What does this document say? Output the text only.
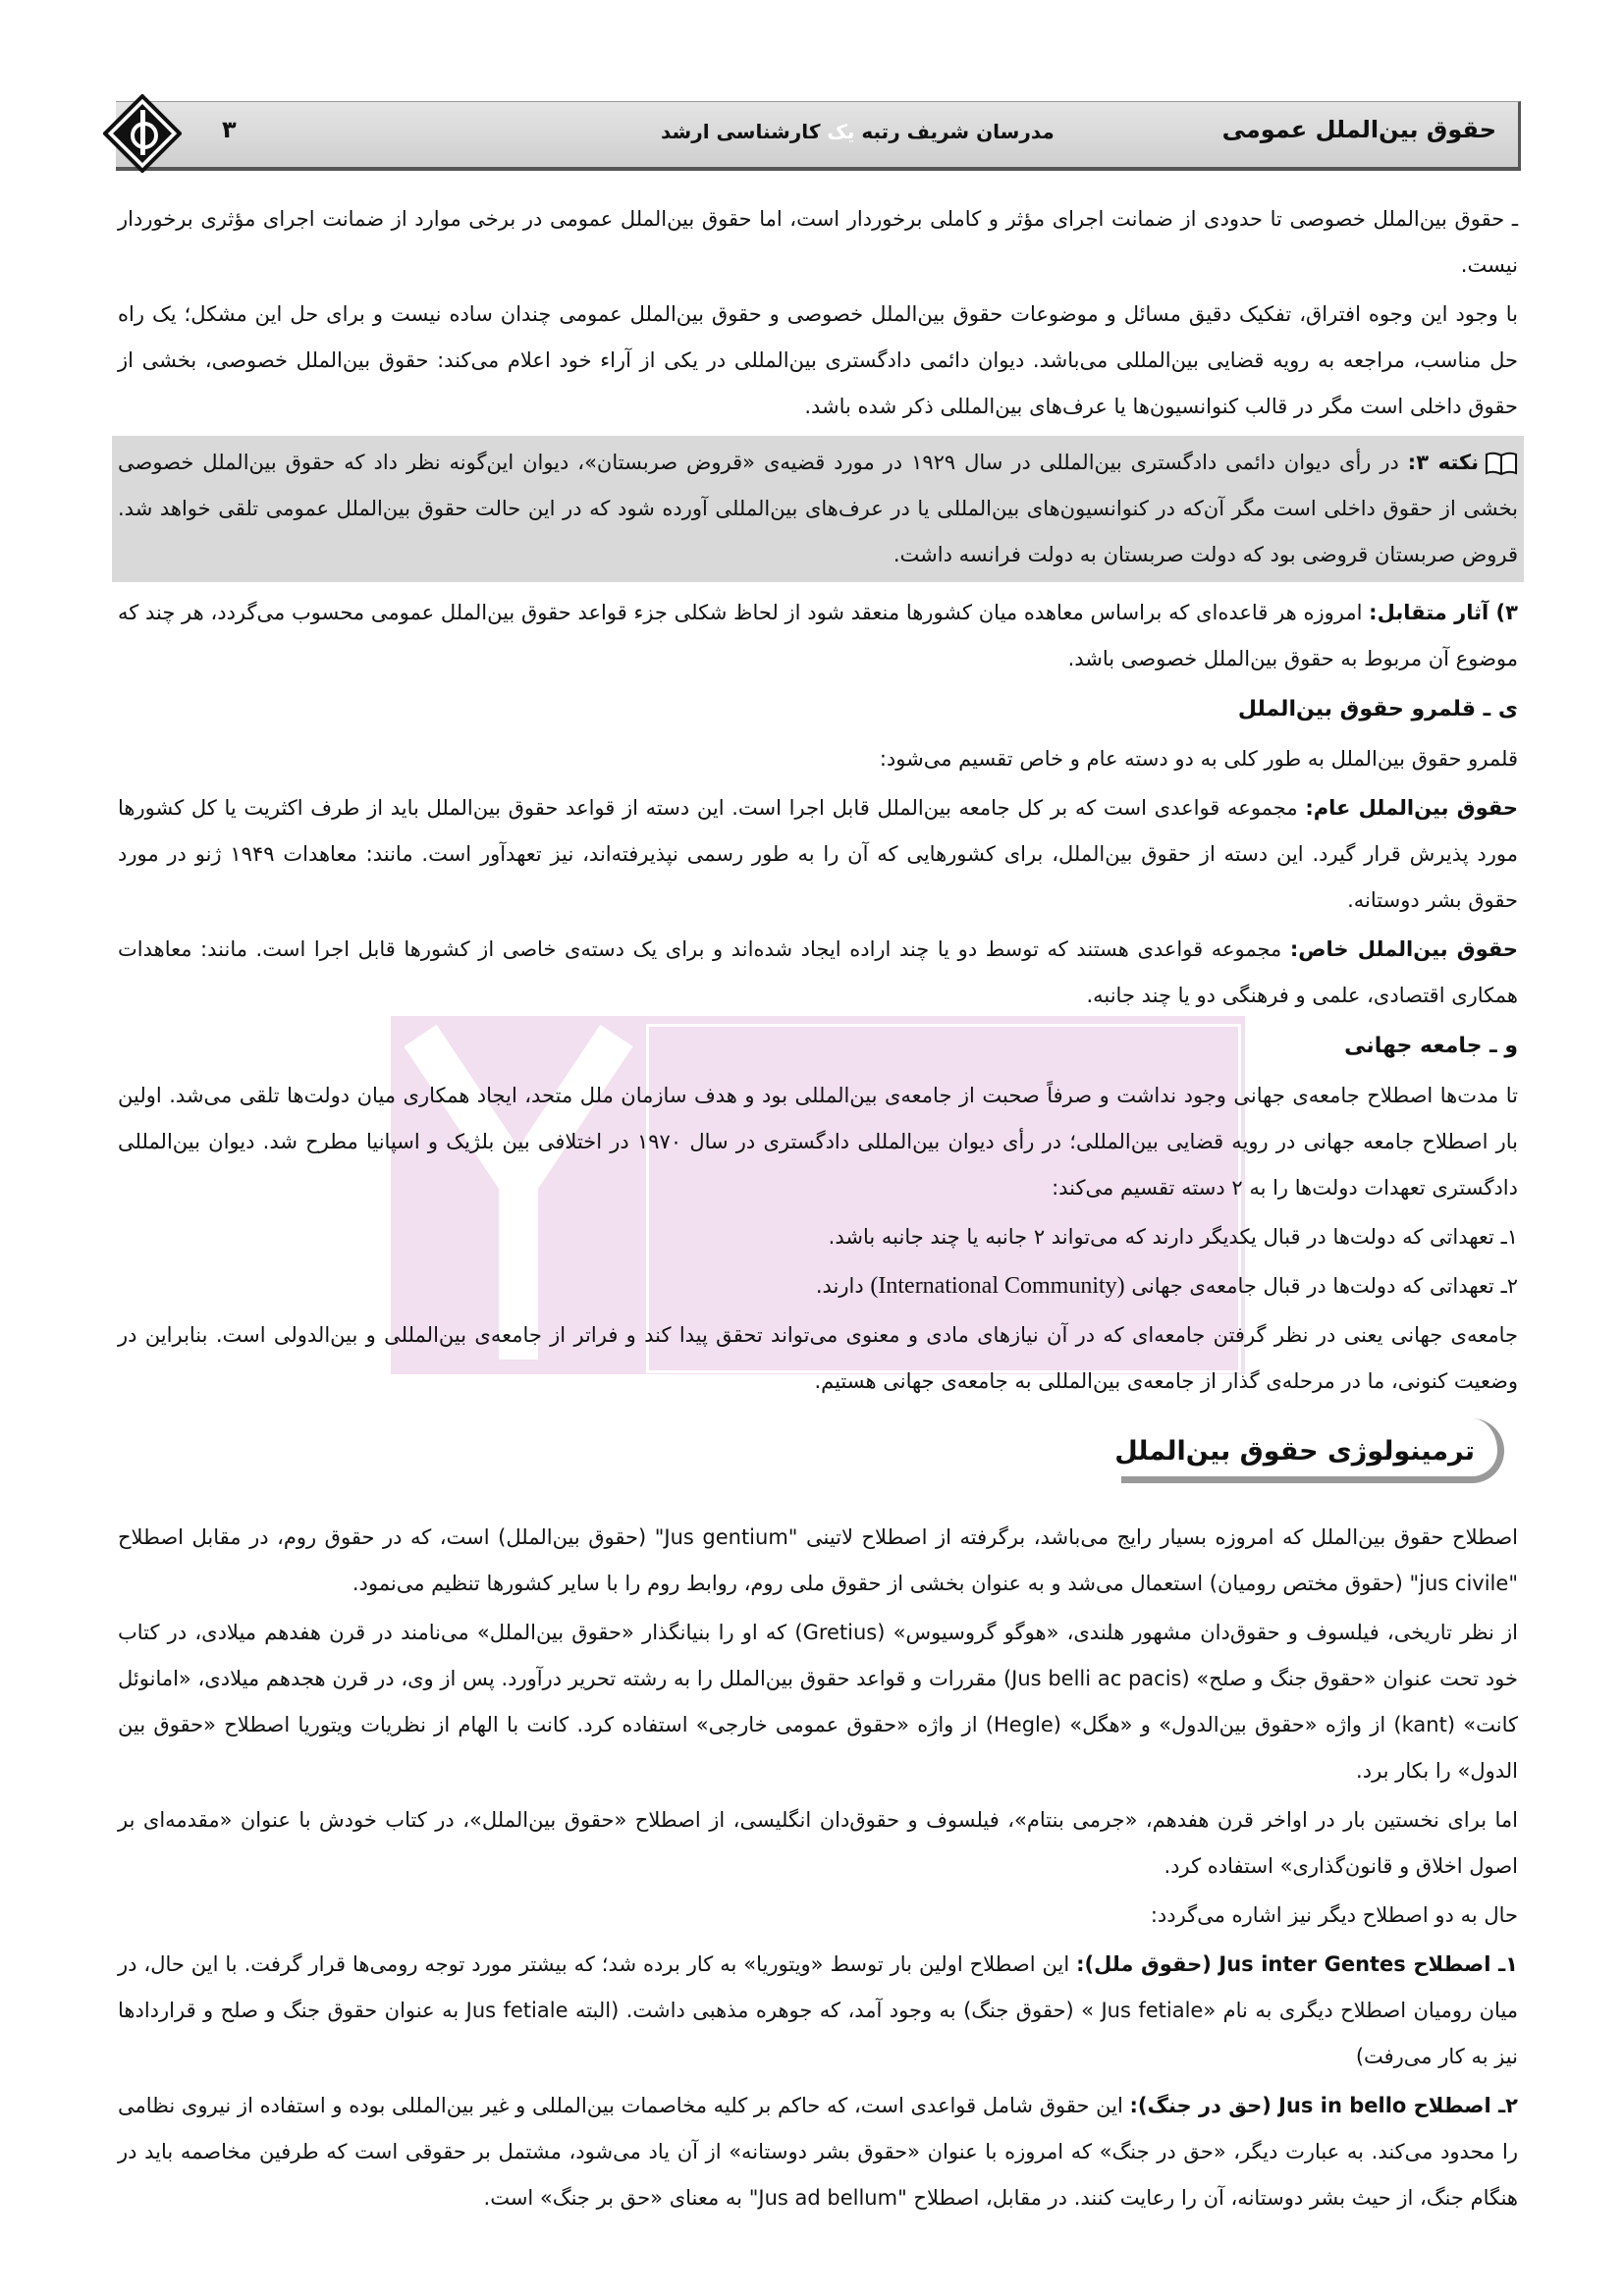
حقوق بین‌الملل عمومی
مدرسان شریف رتبه یک کارشناسی ارشد
۳

ـ حقوق بین‌الملل خصوصی تا حدودی از ضمانت اجرای مؤثر و کاملی برخوردار است، اما حقوق بین‌الملل عمومی در برخی موارد از ضمانت اجرای مؤثری برخوردار نیست.

با وجود این وجوه افتراق، تفکیک دقیق مسائل و موضوعات حقوق بین‌الملل خصوصی و حقوق بین‌الملل عمومی چندان ساده نیست و برای حل این مشکل؛ یک راه حل مناسب، مراجعه به رویه قضایی بین‌المللی می‌باشد. دیوان دائمی دادگستری بین‌المللی در یکی از آراء خود اعلام می‌کند: حقوق بین‌الملل خصوصی، بخشی از حقوق داخلی است مگر در قالب کنوانسیون‌ها یا عرف‌های بین‌المللی ذکر شده باشد.

نکته ۳: در رأی دیوان دائمی دادگستری بین‌المللی در سال ۱۹۲۹ در مورد قضیه‌ی «قروض صربستان»، دیوان این‌گونه نظر داد که حقوق بین‌الملل خصوصی بخشی از حقوق داخلی است مگر آن‌که در کنوانسیون‌های بین‌المللی یا در عرف‌های بین‌المللی آورده شود که در این حالت حقوق بین‌الملل عمومی تلقی خواهد شد. قروض صربستان قروضی بود که دولت صربستان به دولت فرانسه داشت.

۳) آثار متقابل: امروزه هر قاعده‌ای که براساس معاهده میان کشورها منعقد شود از لحاظ شکلی جزء قواعد حقوق بین‌الملل عمومی محسوب می‌گردد، هر چند که موضوع آن مربوط به حقوق بین‌الملل خصوصی باشد.

ی ـ قلمرو حقوق بین‌الملل

قلمرو حقوق بین‌الملل به طور کلی به دو دسته عام و خاص تقسیم می‌شود:

حقوق بین‌الملل عام: مجموعه قواعدی است که بر کل جامعه بین‌الملل قابل اجرا است. این دسته از قواعد حقوق بین‌الملل باید از طرف اکثریت یا کل کشورها مورد پذیرش قرار گیرد. این دسته از حقوق بین‌الملل، برای کشورهایی که آن را به طور رسمی نپذیرفته‌اند، نیز تعهدآور است. مانند: معاهدات ۱۹۴۹ ژنو در مورد حقوق بشر دوستانه.

حقوق بین‌الملل خاص: مجموعه قواعدی هستند که توسط دو یا چند اراده ایجاد شده‌اند و برای یک دسته‌ی خاصی از کشورها قابل اجرا است. مانند: معاهدات همکاری اقتصادی، علمی و فرهنگی دو یا چند جانبه.

و ـ جامعه جهانی

تا مدت‌ها اصطلاح جامعه‌ی جهانی وجود نداشت و صرفاً صحبت از جامعه‌ی بین‌المللی بود و هدف سازمان ملل متحد، ایجاد همکاری میان دولت‌ها تلقی می‌شد. اولین بار اصطلاح جامعه جهانی در رویه قضایی بین‌المللی؛ در رأی دیوان بین‌المللی دادگستری در سال ۱۹۷۰ در اختلافی بین بلژیک و اسپانیا مطرح شد. دیوان بین‌المللی دادگستری تعهدات دولت‌ها را به ۲ دسته تقسیم می‌کند:

۱ـ تعهداتی که دولت‌ها در قبال یکدیگر دارند که می‌تواند ۲ جانبه یا چند جانبه باشد.

۲ـ تعهداتی که دولت‌ها در قبال جامعه‌ی جهانی (International Community) دارند.

جامعه‌ی جهانی یعنی در نظر گرفتن جامعه‌ای که در آن نیازهای مادی و معنوی می‌تواند تحقق پیدا کند و فراتر از جامعه‌ی بین‌المللی و بین‌الدولی است. بنابراین در وضعیت کنونی، ما در مرحله‌ی گذار از جامعه‌ی بین‌المللی به جامعه‌ی جهانی هستیم.

ترمینولوژی حقوق بین‌الملل

اصطلاح حقوق بین‌الملل که امروزه بسیار رایج می‌باشد، برگرفته از اصطلاح لاتینی "Jus gentium" (حقوق بین‌الملل) است، که در حقوق روم، در مقابل اصطلاح "jus civile" (حقوق مختص رومیان) استعمال می‌شد و به عنوان بخشی از حقوق ملی روم، روابط روم را با سایر کشورها تنظیم می‌نمود.

از نظر تاریخی، فیلسوف و حقوق‌دان مشهور هلندی، «هوگو گروسیوس» (Gretius) که او را بنیانگذار «حقوق بین‌الملل» می‌نامند در قرن هفدهم میلادی، در کتاب خود تحت عنوان «حقوق جنگ و صلح» (Jus belli ac pacis) مقررات و قواعد حقوق بین‌الملل را به رشته تحریر درآورد. پس از وی، در قرن هجدهم میلادی، «امانوئل کانت» (kant) از واژه «حقوق بین‌الدول» و «هگل» (Hegle) از واژه «حقوق عمومی خارجی» استفاده کرد. کانت با الهام از نظریات ویتوریا اصطلاح «حقوق بین الدول» را بکار برد.

اما برای نخستین بار در اواخر قرن هفدهم، «جرمی بنتام»، فیلسوف و حقوق‌دان انگلیسی، از اصطلاح «حقوق بین‌الملل»، در کتاب خودش با عنوان «مقدمه‌ای بر اصول اخلاق و قانون‌گذاری» استفاده کرد.

حال به دو اصطلاح دیگر نیز اشاره می‌گردد:

۱ـ اصطلاح Jus inter Gentes (حقوق ملل): این اصطلاح اولین بار توسط «ویتوریا» به کار برده شد؛ که بیشتر مورد توجه رومی‌ها قرار گرفت. با این حال، در میان رومیان اصطلاح دیگری به نام «Jus fetiale » (حقوق جنگ) به وجود آمد، که جوهره مذهبی داشت. (البته Jus fetiale به عنوان حقوق جنگ و صلح و قراردادها نیز به کار می‌رفت)

۲ـ اصطلاح Jus in bello (حق در جنگ): این حقوق شامل قواعدی است، که حاکم بر کلیه مخاصمات بین‌المللی و غیر بین‌المللی بوده و استفاده از نیروی نظامی را محدود می‌کند. به عبارت دیگر، «حق در جنگ» که امروزه با عنوان «حقوق بشر دوستانه» از آن یاد می‌شود، مشتمل بر حقوقی است که طرفین مخاصمه باید در هنگام جنگ، از حیث بشر دوستانه، آن را رعایت کنند. در مقابل، اصطلاح "Jus ad bellum" به معنای «حق بر جنگ» است.
